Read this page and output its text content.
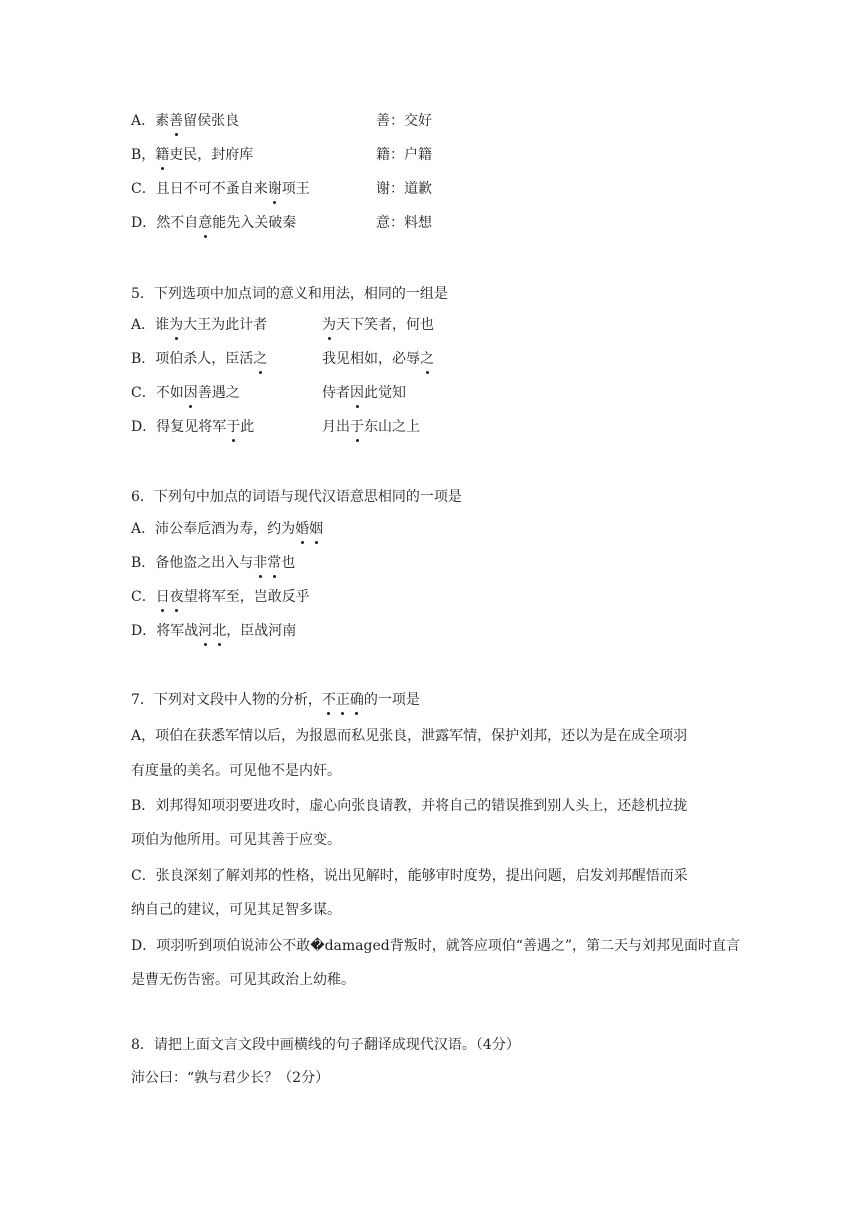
A．素善留侯张良	善：交好
B，籍吏民，封府库	籍：户籍
C．且日不可不蚤自来谢项王	谢：道歉
D．然不自意能先入关破秦	意：料想
5．下列选项中加点词的意义和用法，相同的一组是
A．谁为大王为此计者	为天下笑者，何也
B．项伯杀人，臣活之	我见相如，必辱之
C．不如因善遇之	侍者因此觉知
D．得复见将军于此	月出于东山之上
6．下列句中加点的词语与现代汉语意思相同的一项是
A．沛公奉卮酒为寿，约为婚姻
B．备他盗之出入与非常也
C．日夜望将军至，岂敢反乎
D．将军战河北，臣战河南
7．下列对文段中人物的分析，不正确的一项是
A，项伯在获悉军情以后，为报恩而私见张良，泄露军情，保护刘邦，还以为是在成全项羽
有度量的美名。可见他不是内奸。
B．刘邦得知项羽要进攻时，虚心向张良请教，并将自己的错误推到别人头上，还趁机拉拢
项伯为他所用。可见其善于应变。
C．张良深刻了解刘邦的性格，说出见解时，能够审时度势，提出问题，启发刘邦醒悟而采
纳自己的建议，可见其足智多谋。
D．项羽听到项伯说沛公不敢�damaged背叛时，就答应项伯“善遇之”，第二天与刘邦见面时直言
是曹无伤告密。可见其政治上幼稚。
8．请把上面文言文段中画横线的句子翻译成现代汉语。（4分）
沛公曰：“孰与君少长？（2分）
